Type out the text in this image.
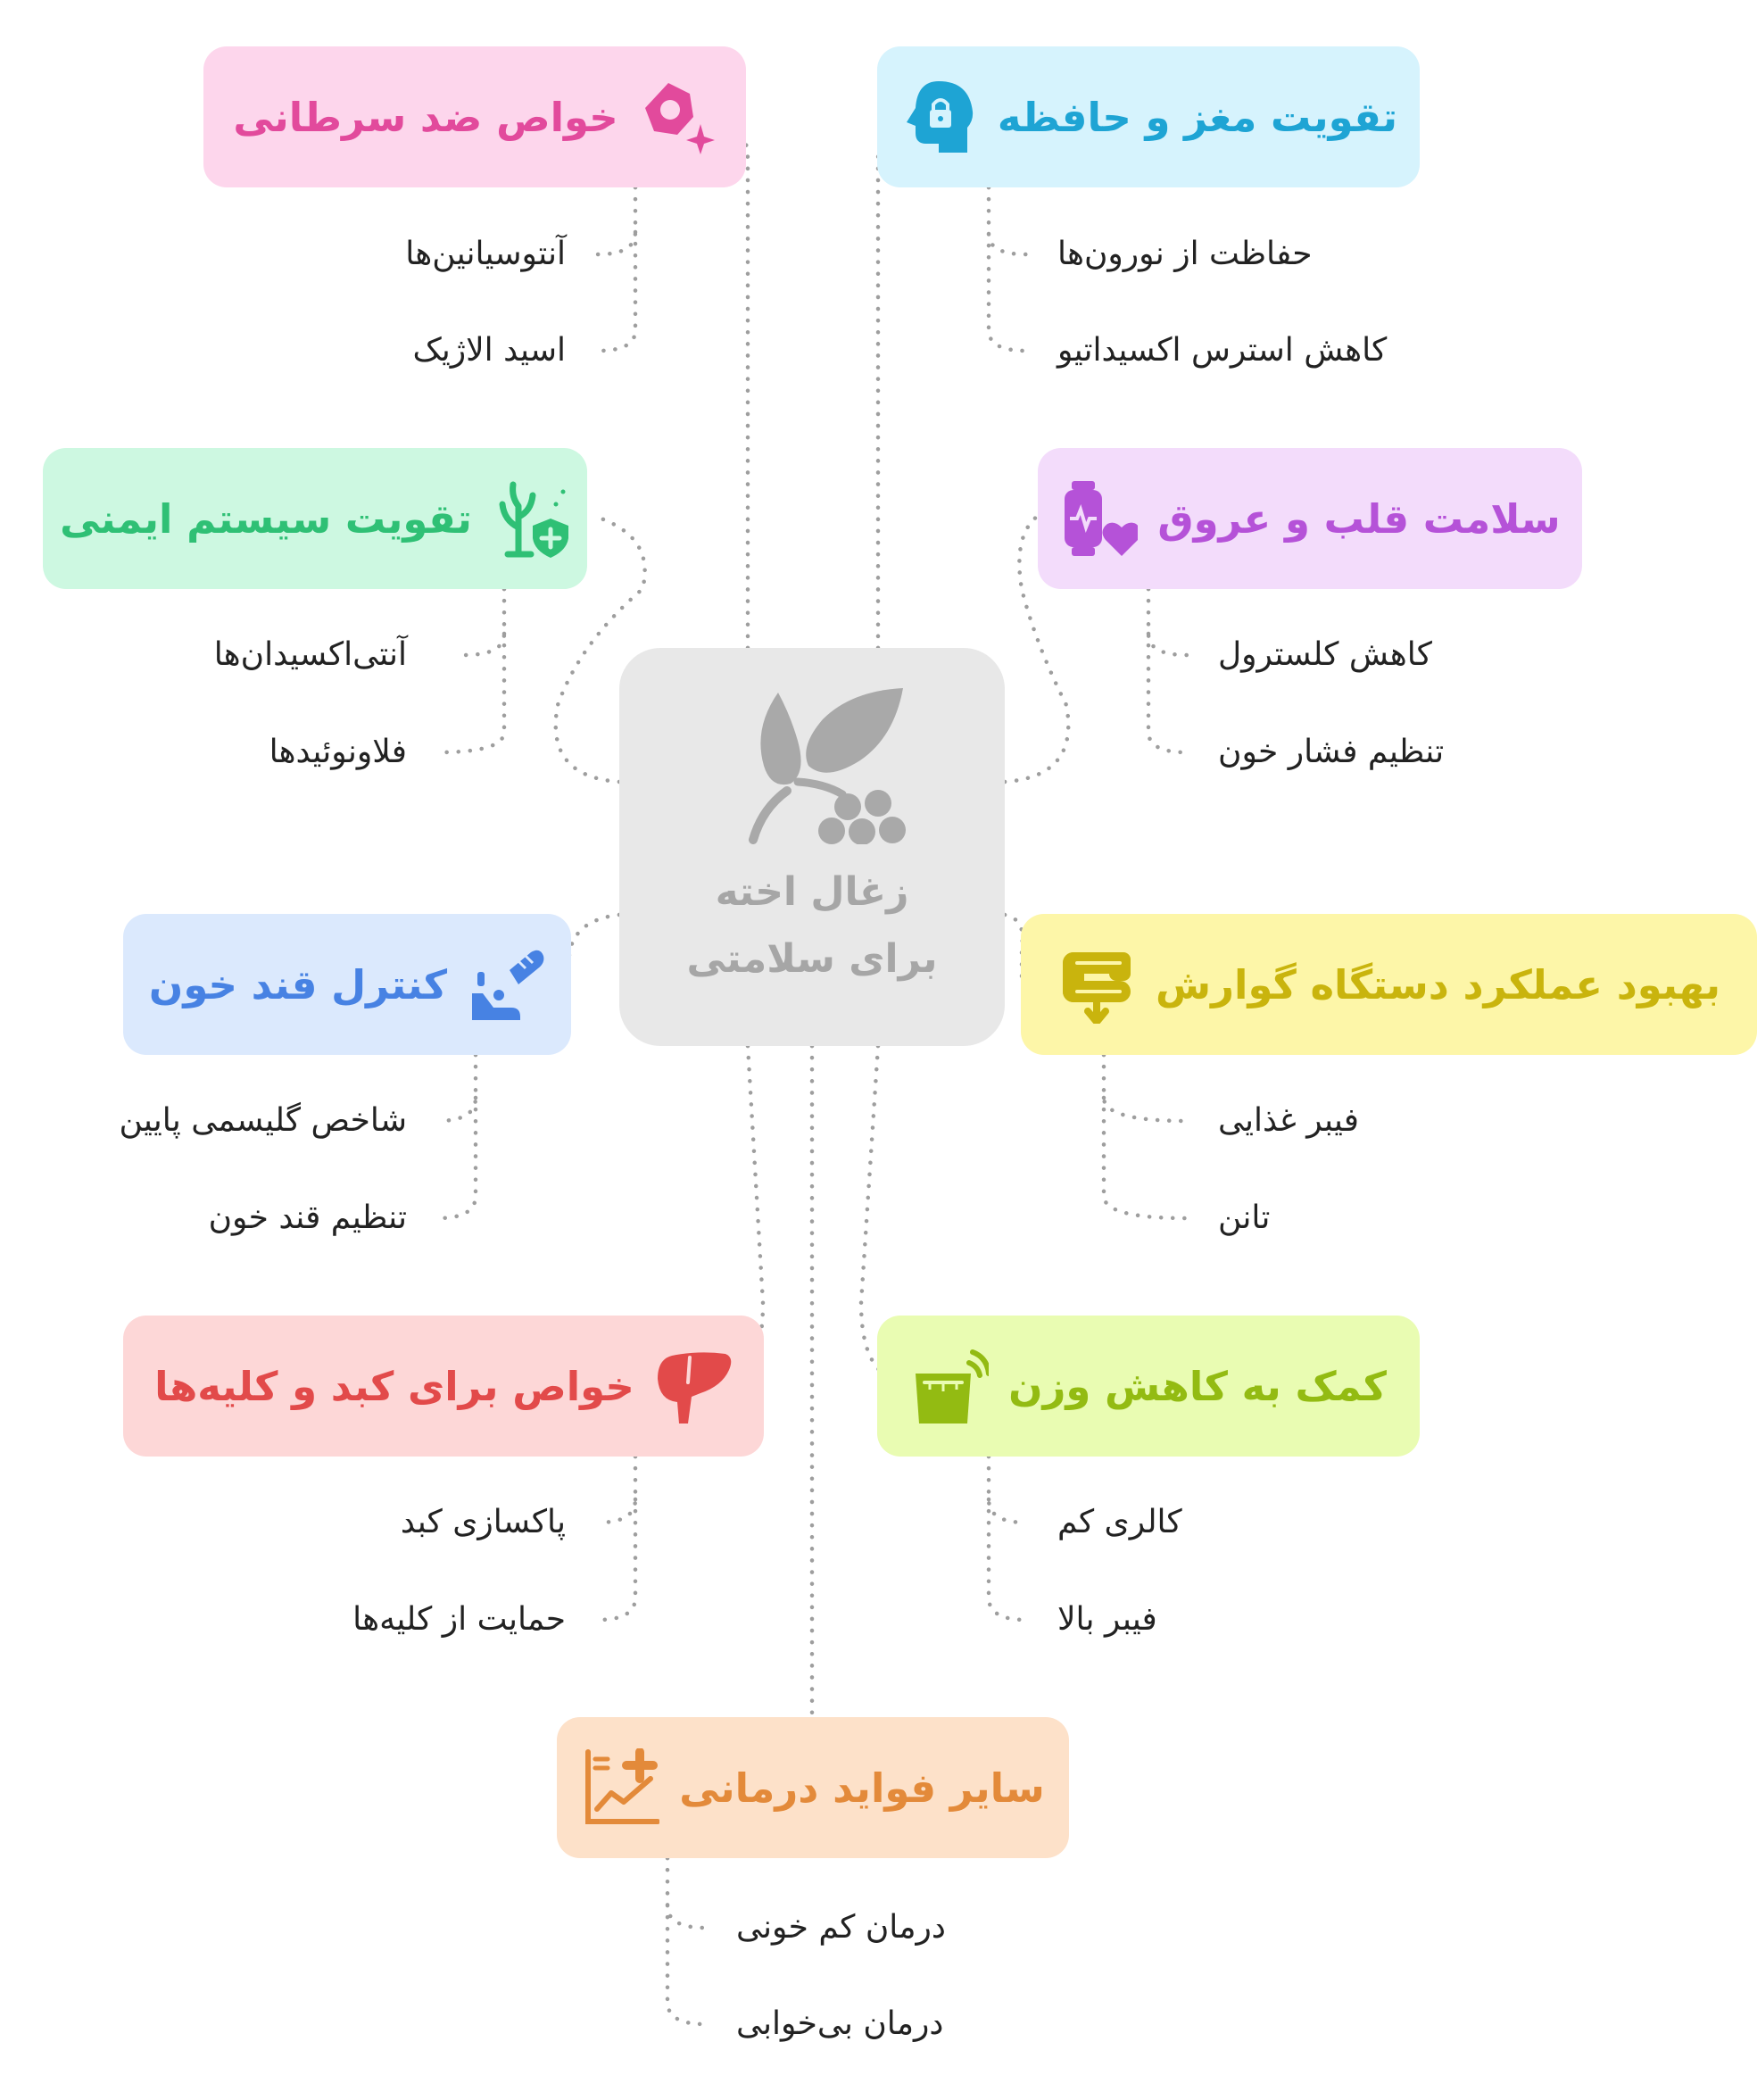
زغال اخته
برای سلامتی
خواص ضد سرطانی
آنتوسیانین‌ها
اسید الاژیک
تقویت مغز و حافظه
حفاظت از نورون‌ها
کاهش استرس اکسیداتیو
تقویت سیستم ایمنی
آنتی‌اکسیدان‌ها
فلاونوئیدها
سلامت قلب و عروق
کاهش کلسترول
تنظیم فشار خون
کنترل قند خون
شاخص گلیسمی پایین
تنظیم قند خون
بهبود عملکرد دستگاه گوارش
فیبر غذایی
تانن
خواص برای کبد و کلیه‌ها
پاکسازی کبد
حمایت از کلیه‌ها
کمک به کاهش وزن
کالری کم
فیبر بالا
سایر فواید درمانی
درمان کم خونی
درمان بی‌خوابی
